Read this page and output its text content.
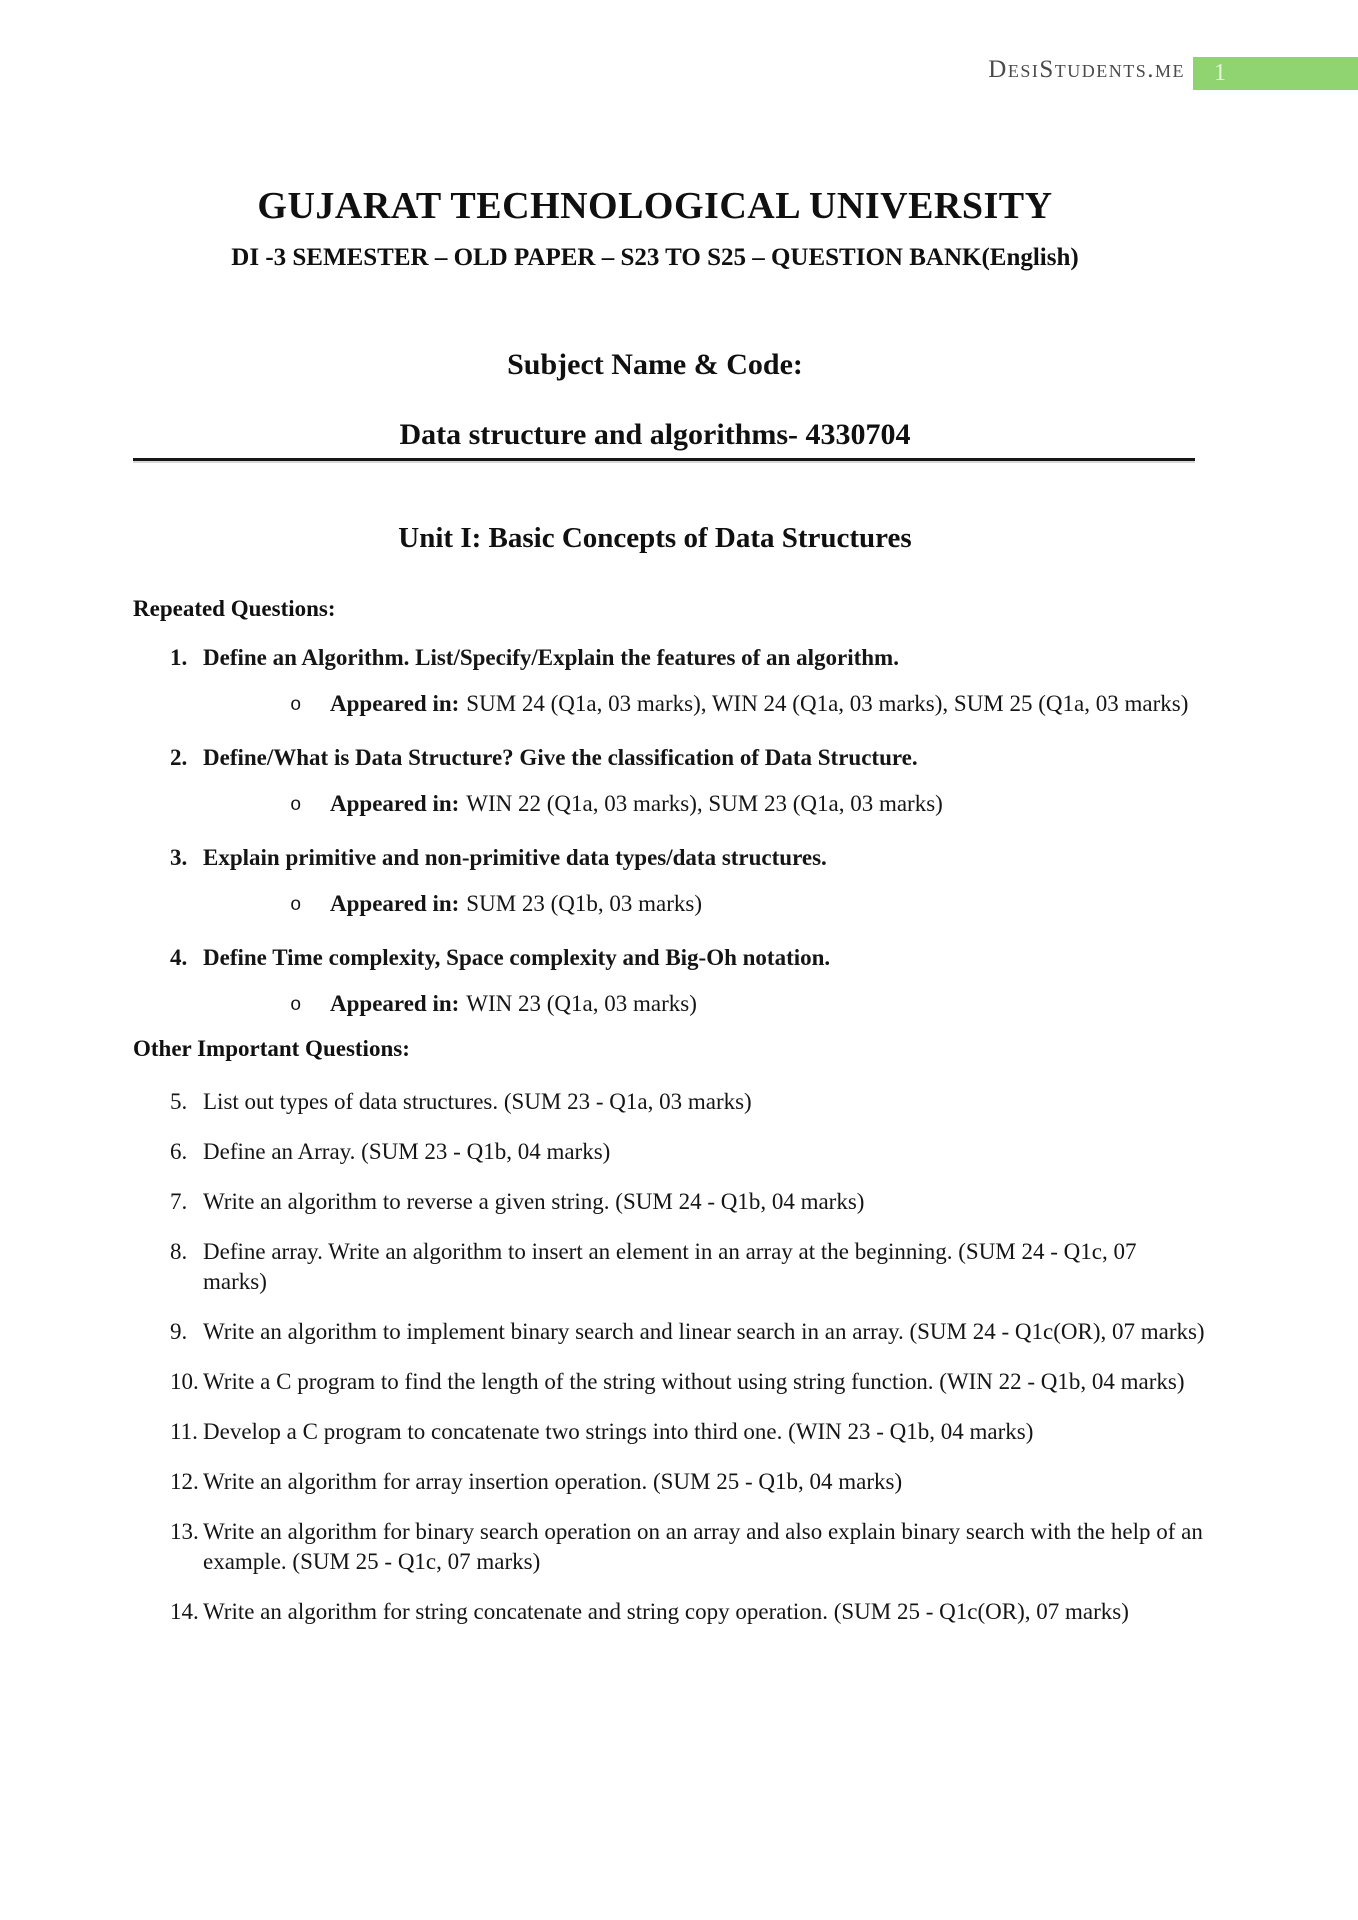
DesiStudents.me	1
GUJARAT TECHNOLOGICAL UNIVERSITY
DI -3 SEMESTER – OLD PAPER – S23 TO S25 – QUESTION BANK(English)
Subject Name & Code:
Data structure and algorithms- 4330704
Unit I: Basic Concepts of Data Structures
Repeated Questions:
1. Define an Algorithm. List/Specify/Explain the features of an algorithm.
o Appeared in: SUM 24 (Q1a, 03 marks), WIN 24 (Q1a, 03 marks), SUM 25 (Q1a, 03 marks)
2. Define/What is Data Structure? Give the classification of Data Structure.
o Appeared in: WIN 22 (Q1a, 03 marks), SUM 23 (Q1a, 03 marks)
3. Explain primitive and non-primitive data types/data structures.
o Appeared in: SUM 23 (Q1b, 03 marks)
4. Define Time complexity, Space complexity and Big-Oh notation.
o Appeared in: WIN 23 (Q1a, 03 marks)
Other Important Questions:
5. List out types of data structures. (SUM 23 - Q1a, 03 marks)
6. Define an Array. (SUM 23 - Q1b, 04 marks)
7. Write an algorithm to reverse a given string. (SUM 24 - Q1b, 04 marks)
8. Define array. Write an algorithm to insert an element in an array at the beginning. (SUM 24 - Q1c, 07 marks)
9. Write an algorithm to implement binary search and linear search in an array. (SUM 24 - Q1c(OR), 07 marks)
10. Write a C program to find the length of the string without using string function. (WIN 22 - Q1b, 04 marks)
11. Develop a C program to concatenate two strings into third one. (WIN 23 - Q1b, 04 marks)
12. Write an algorithm for array insertion operation. (SUM 25 - Q1b, 04 marks)
13. Write an algorithm for binary search operation on an array and also explain binary search with the help of an example. (SUM 25 - Q1c, 07 marks)
14. Write an algorithm for string concatenate and string copy operation. (SUM 25 - Q1c(OR), 07 marks)
